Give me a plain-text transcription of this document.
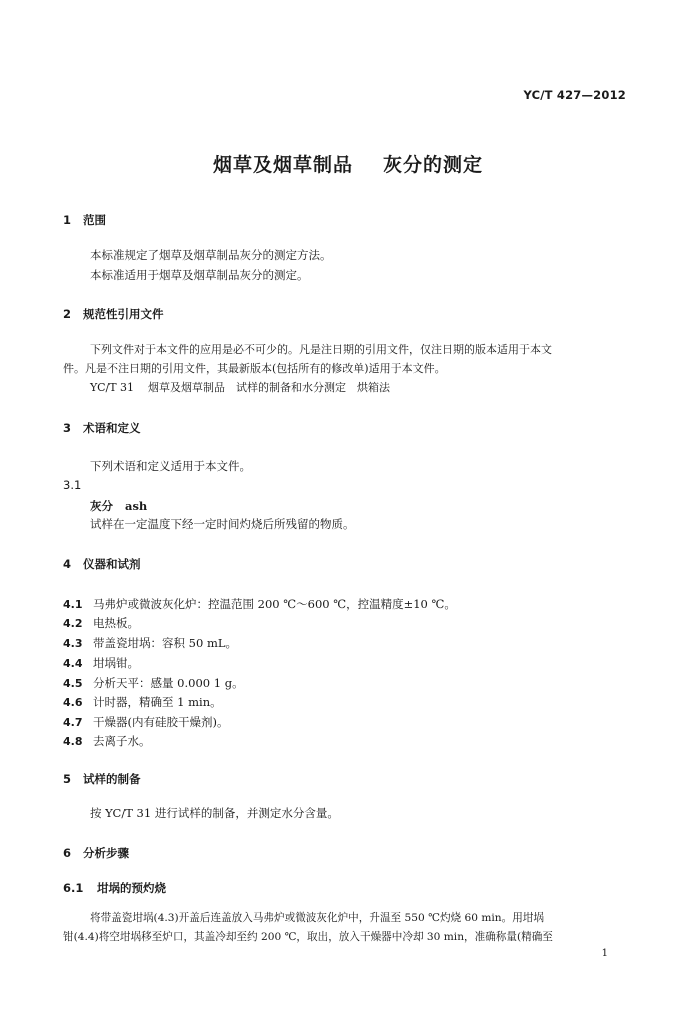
YC/T 427—2012
烟草及烟草制品 灰分的测定
1 范围
本标准规定了烟草及烟草制品灰分的测定方法。
本标准适用于烟草及烟草制品灰分的测定。
2 规范性引用文件
下列文件对于本文件的应用是必不可少的。凡是注日期的引用文件，仅注日期的版本适用于本文
件。凡是不注日期的引用文件，其最新版本(包括所有的修改单)适用于本文件。
YC/T 31 烟草及烟草制品　试样的制备和水分测定　烘箱法
3 术语和定义
下列术语和定义适用于本文件。
3.1
灰分 ash
试样在一定温度下经一定时间灼烧后所残留的物质。
4 仪器和试剂
4.1 马弗炉或微波灰化炉：控温范围 200 ℃～600 ℃，控温精度±10 ℃。
4.2 电热板。
4.3 带盖瓷坩埚：容积 50 mL。
4.4 坩埚钳。
4.5 分析天平：感量 0.000 1 g。
4.6 计时器，精确至 1 min。
4.7 干燥器(内有硅胶干燥剂)。
4.8 去离子水。
5 试样的制备
按 YC/T 31 进行试样的制备，并测定水分含量。
6 分析步骤
6.1 坩埚的预灼烧
将带盖瓷坩埚(4.3)开盖后连盖放入马弗炉或微波灰化炉中，升温至 550 ℃灼烧 60 min。用坩埚
钳(4.4)将空坩埚移至炉口，其盖冷却至约 200 ℃，取出，放入干燥器中冷却 30 min，准确称量(精确至
1
